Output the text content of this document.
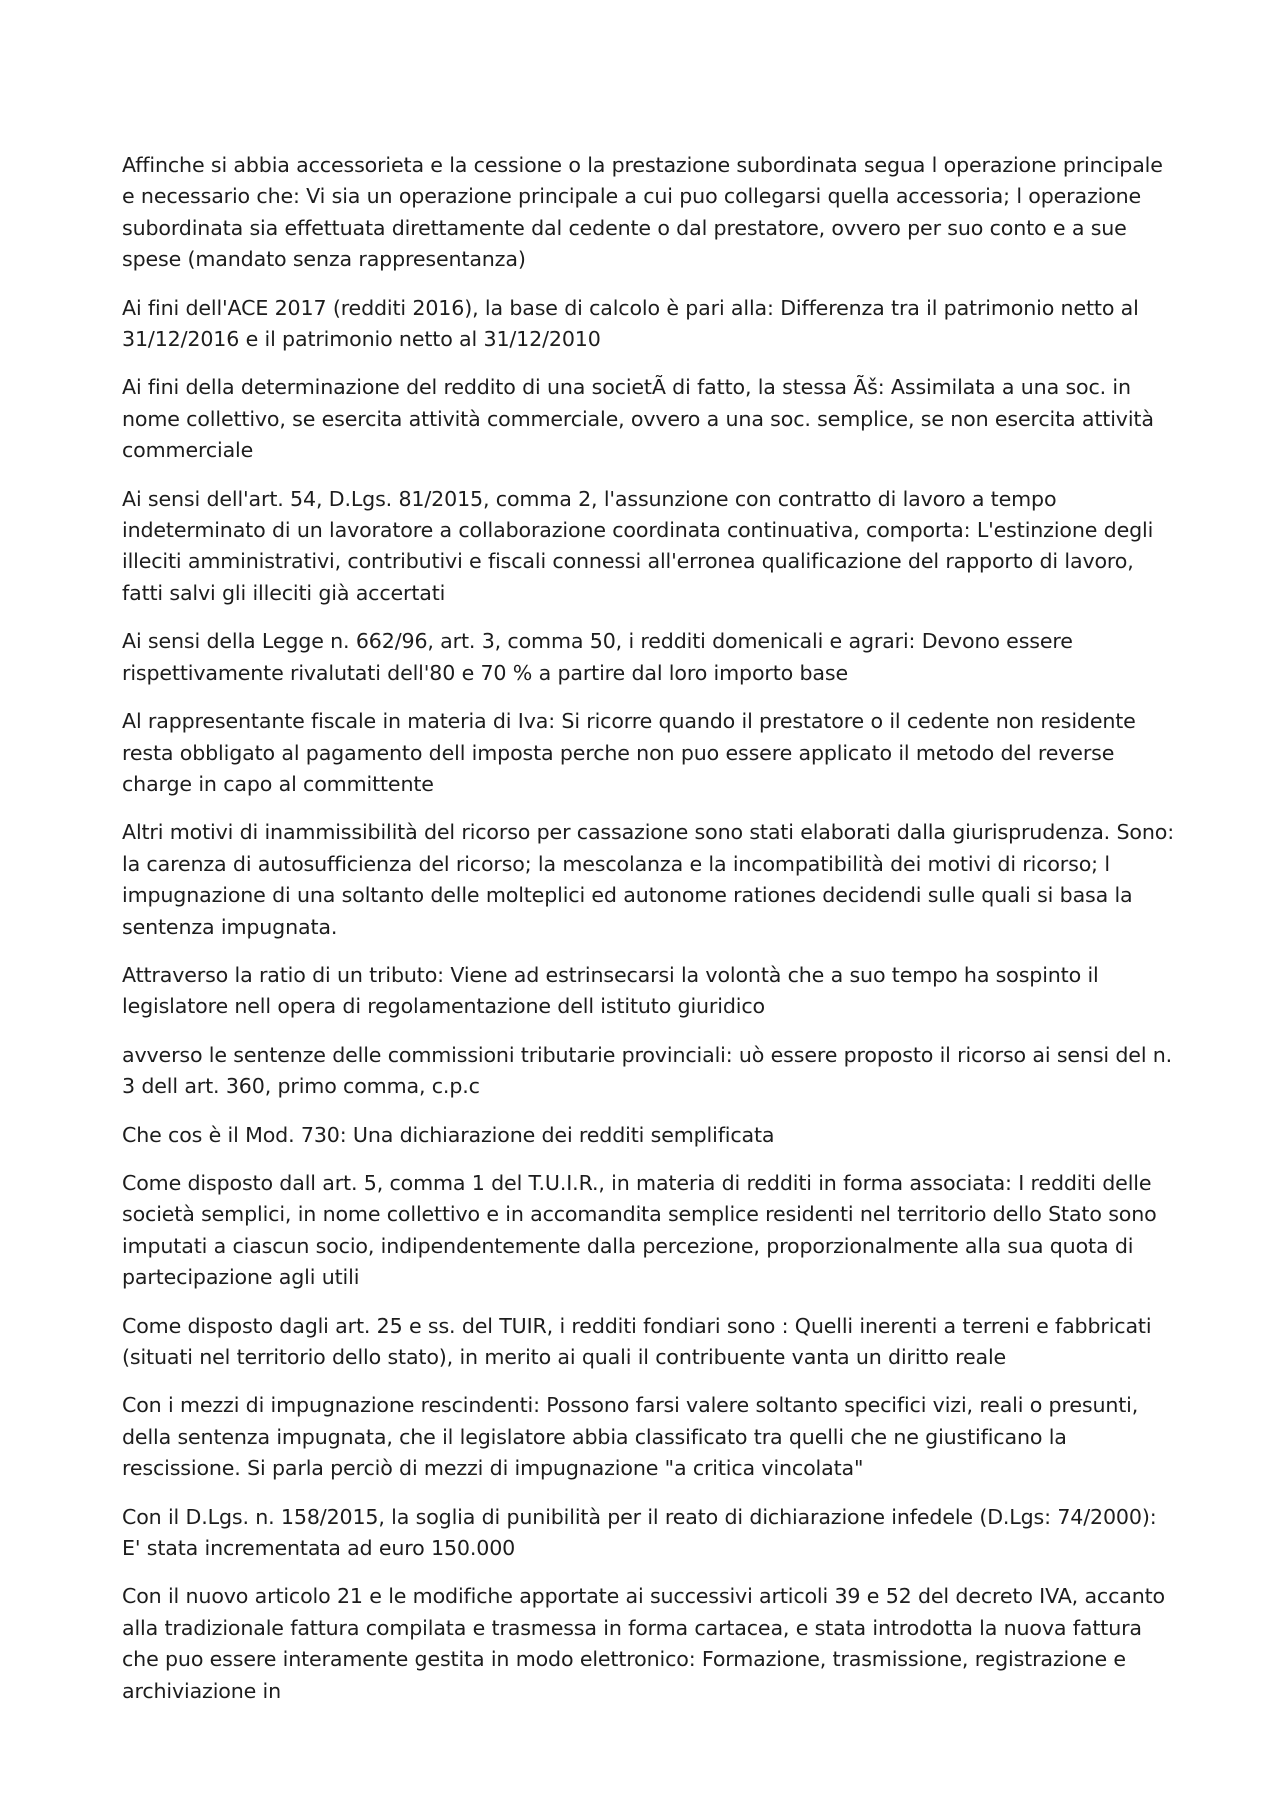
Affinche si abbia accessorieta e la cessione o la prestazione subordinata segua l operazione principale e necessario che: Vi sia un operazione principale a cui puo collegarsi quella accessoria; l operazione subordinata sia effettuata direttamente dal cedente o dal prestatore, ovvero per suo conto e a sue spese (mandato senza rappresentanza)

Ai fini dell'ACE 2017 (redditi 2016), la base di calcolo è pari alla: Differenza tra il patrimonio netto al 31/12/2016 e il patrimonio netto al 31/12/2010

Ai fini della determinazione del reddito di una societÃ di fatto, la stessa Ãš: Assimilata a una soc. in nome collettivo, se esercita attività commerciale, ovvero a una soc. semplice, se non esercita attività commerciale

Ai sensi dell'art. 54, D.Lgs. 81/2015, comma 2, l'assunzione con contratto di lavoro a tempo indeterminato di un lavoratore a collaborazione coordinata continuativa, comporta: L'estinzione degli illeciti amministrativi, contributivi e fiscali connessi all'erronea qualificazione del rapporto di lavoro, fatti salvi gli illeciti già accertati

Ai sensi della Legge n. 662/96, art. 3, comma 50, i redditi domenicali e agrari: Devono essere rispettivamente rivalutati dell'80 e 70 % a partire dal loro importo base

Al rappresentante fiscale in materia di Iva: Si ricorre quando il prestatore o il cedente non residente resta obbligato al pagamento dell imposta perche non puo essere applicato il metodo del reverse charge in capo al committente

Altri motivi di inammissibilità del ricorso per cassazione sono stati elaborati dalla giurisprudenza. Sono: la carenza di autosufficienza del ricorso; la mescolanza e la incompatibilità dei motivi di ricorso; l impugnazione di una soltanto delle molteplici ed autonome rationes decidendi sulle quali si basa la sentenza impugnata.

Attraverso la ratio di un tributo: Viene ad estrinsecarsi la volontà che a suo tempo ha sospinto il legislatore nell opera di regolamentazione dell istituto giuridico

avverso le sentenze delle commissioni tributarie provinciali: uò essere proposto il ricorso ai sensi del n. 3 dell art. 360, primo comma, c.p.c

Che cos è il Mod. 730: Una dichiarazione dei redditi semplificata

Come disposto dall art. 5, comma 1 del T.U.I.R., in materia di redditi in forma associata: I redditi delle società semplici, in nome collettivo e in accomandita semplice residenti nel territorio dello Stato sono imputati a ciascun socio, indipendentemente dalla percezione, proporzionalmente alla sua quota di partecipazione agli utili

Come disposto dagli art. 25 e ss. del TUIR, i redditi fondiari sono : Quelli inerenti a terreni e fabbricati (situati nel territorio dello stato), in merito ai quali il contribuente vanta un diritto reale

Con i mezzi di impugnazione rescindenti: Possono farsi valere soltanto specifici vizi, reali o presunti, della sentenza impugnata, che il legislatore abbia classificato tra quelli che ne giustificano la rescissione. Si parla perciò di mezzi di impugnazione "a critica vincolata"

Con il D.Lgs. n. 158/2015, la soglia di punibilità per il reato di dichiarazione infedele (D.Lgs: 74/2000): E' stata incrementata ad euro 150.000

Con il nuovo articolo 21 e le modifiche apportate ai successivi articoli 39 e 52 del decreto IVA, accanto alla tradizionale fattura compilata e trasmessa in forma cartacea, e stata introdotta la nuova fattura che puo essere interamente gestita in modo elettronico: Formazione, trasmissione, registrazione e archiviazione in
